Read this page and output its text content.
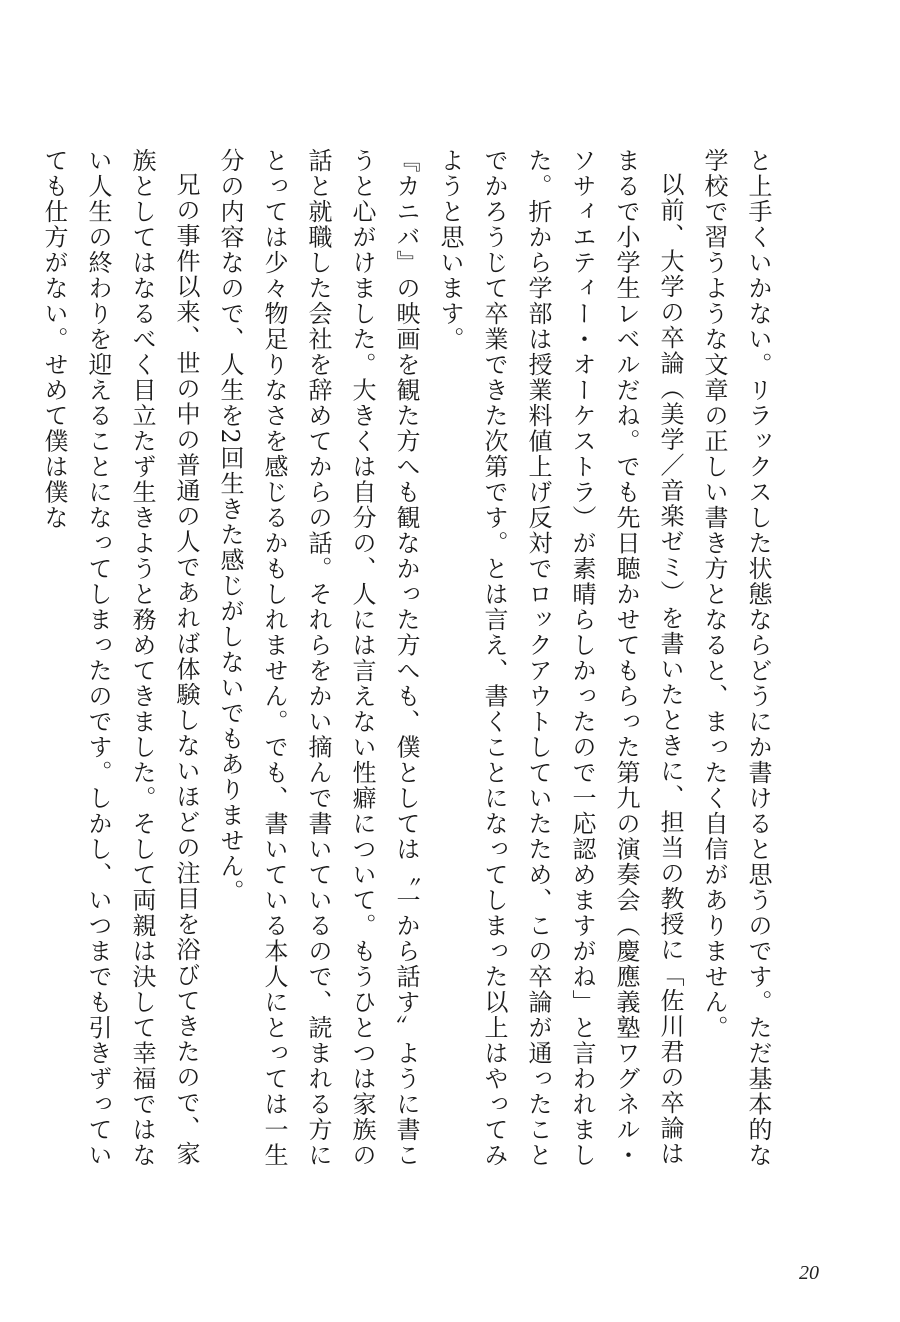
と上手くいかない。リラックスした状態ならどうにか書けると思うのです。ただ基本的な学校で習うような文章の正しい書き方となると、まったく自信がありません。

以前、大学の卒論（美学／音楽ゼミ）を書いたときに、担当の教授に「佐川君の卒論はまるで小学生レベルだね。でも先日聴かせてもらった第九の演奏会（慶應義塾ワグネル・ソサィエティー・オーケストラ）が素晴らしかったので一応認めますがね」と言われました。折から学部は授業料値上げ反対でロックアウトしていたため、この卒論が通ったことでかろうじて卒業できた次第です。とは言え、書くことになってしまった以上はやってみようと思います。

『カニバ』の映画を観た方へも観なかった方へも、僕としては〝一から話す〟ように書こうと心がけました。大きくは自分の、人には言えない性癖について。もうひとつは家族の話と就職した会社を辞めてからの話。それらをかい摘んで書いているので、読まれる方にとっては少々物足りなさを感じるかもしれません。でも、書いている本人にとっては一生分の内容なので、人生を2回生きた感じがしないでもありません。

兄の事件以来、世の中の普通の人であれば体験しないほどの注目を浴びてきたので、家族としてはなるべく目立たず生きようと務めてきました。そして両親は決して幸福ではない人生の終わりを迎えることになってしまったのです。しかし、いつまでも引きずっていても仕方がない。せめて僕は僕な

20
